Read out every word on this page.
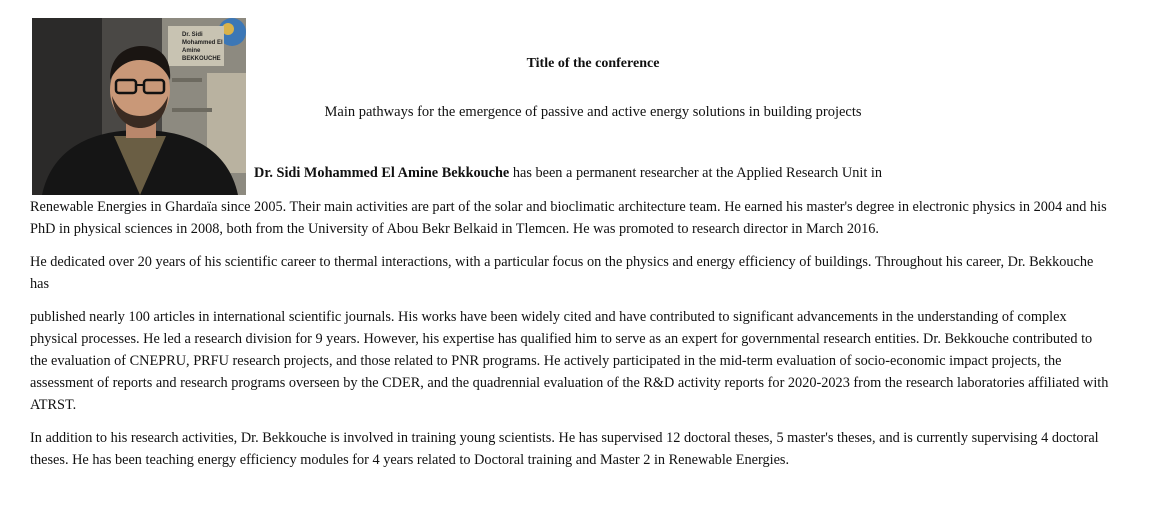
Dr. Sidi
Mohammed El
Amine
BEKKOUCHE	Title of the conference
Main pathways for the emergence of passive and active energy solutions in building projects
Dr. Sidi Mohammed El Amine Bekkouche has been a permanent researcher at the Applied Research Unit in

Renewable Energies in Ghardaïa since 2005. Their main activities are part of the solar and bioclimatic architecture team. He earned his master's degree in electronic physics in 2004 and his PhD in physical sciences in 2008, both from the University of Abou Bekr Belkaid in Tlemcen. He was promoted to research director in March 2016.

He dedicated over 20 years of his scientific career to thermal interactions, with a particular focus on the physics and energy efficiency of buildings. Throughout his career, Dr. Bekkouche has

published nearly 100 articles in international scientific journals. His works have been widely cited and have contributed to significant advancements in the understanding of complex physical processes. He led a research division for 9 years. However, his expertise has qualified him to serve as an expert for governmental research entities. Dr. Bekkouche contributed to the evaluation of CNEPRU, PRFU research projects, and those related to PNR programs. He actively participated in the mid-term evaluation of socio-economic impact projects, the assessment of reports and research programs overseen by the CDER, and the quadrennial evaluation of the R&D activity reports for 2020-2023 from the research laboratories affiliated with ATRST.

In addition to his research activities, Dr. Bekkouche is involved in training young scientists. He has supervised 12 doctoral theses, 5 master's theses, and is currently supervising 4 doctoral theses. He has been teaching energy efficiency modules for 4 years related to Doctoral training and Master 2 in Renewable Energies.
